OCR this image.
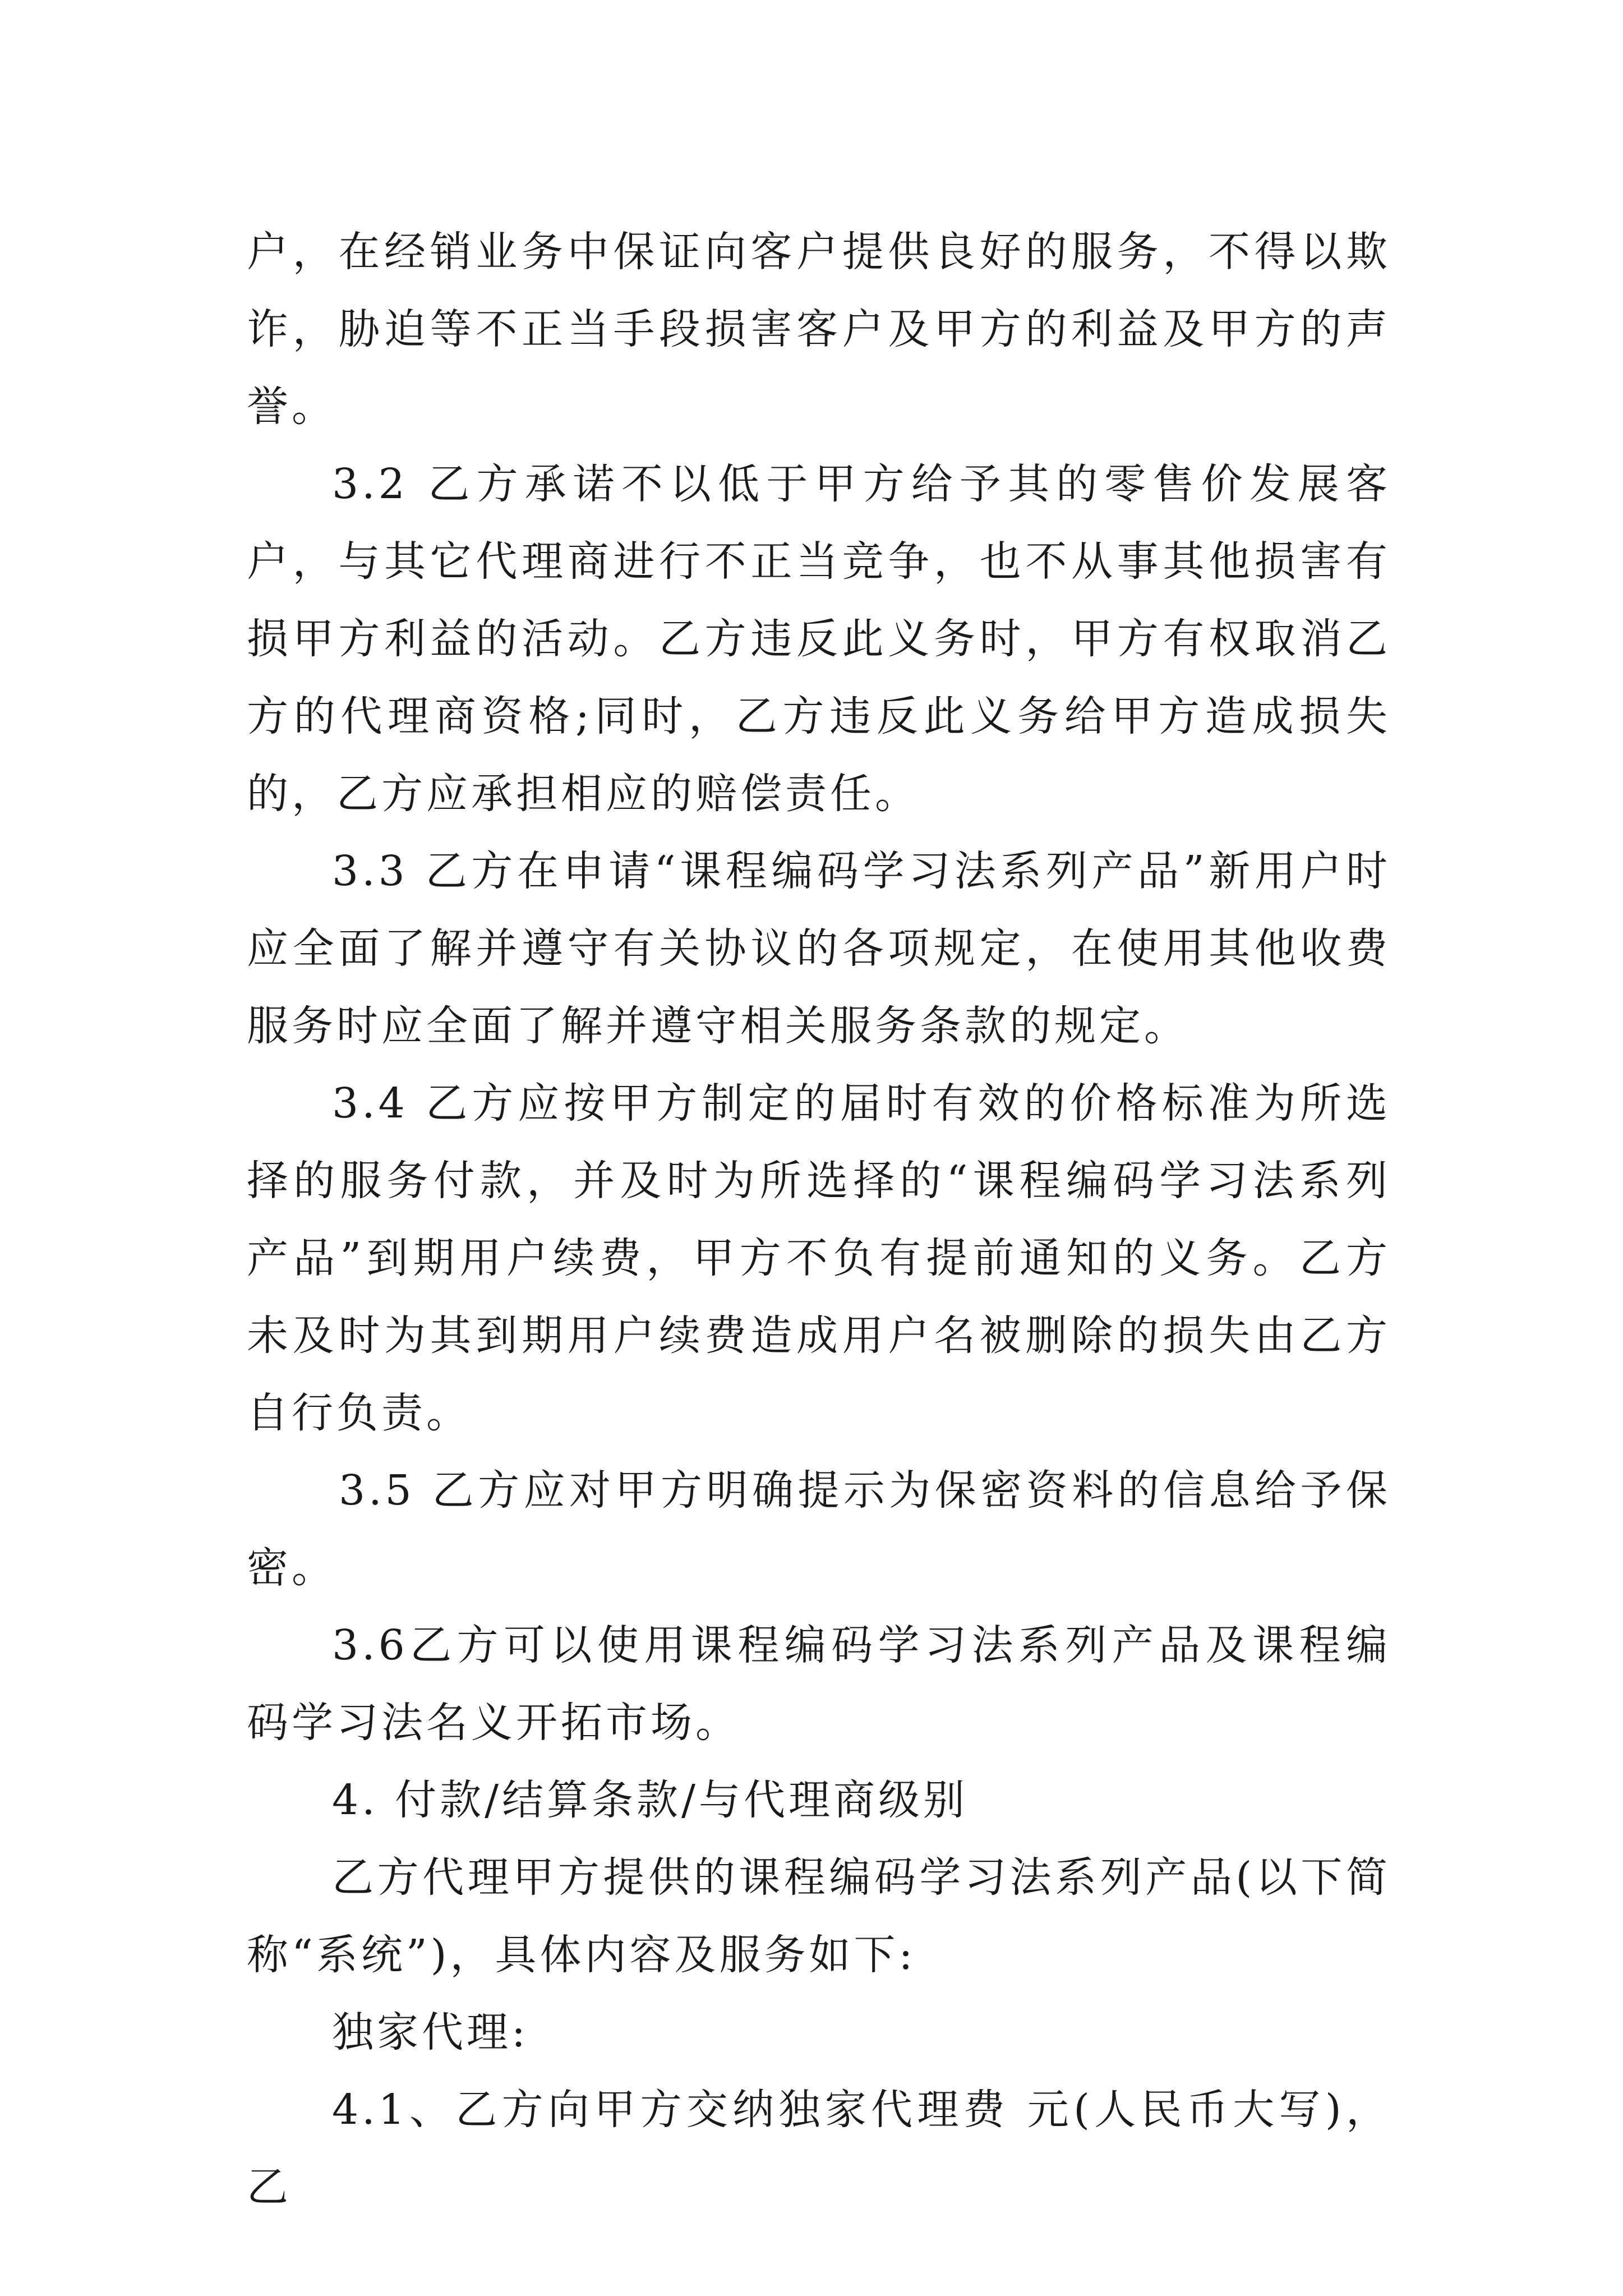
户，在经销业务中保证向客户提供良好的服务，不得以欺诈，胁迫等不正当手段损害客户及甲方的利益及甲方的声誉。

3.2 乙方承诺不以低于甲方给予其的零售价发展客户，与其它代理商进行不正当竞争，也不从事其他损害有损甲方利益的活动。乙方违反此义务时，甲方有权取消乙方的代理商资格;同时，乙方违反此义务给甲方造成损失的，乙方应承担相应的赔偿责任。

3.3 乙方在申请“课程编码学习法系列产品”新用户时应全面了解并遵守有关协议的各项规定，在使用其他收费服务时应全面了解并遵守相关服务条款的规定。

3.4 乙方应按甲方制定的届时有效的价格标准为所选择的服务付款，并及时为所选择的“课程编码学习法系列产品”到期用户续费，甲方不负有提前通知的义务。乙方未及时为其到期用户续费造成用户名被删除的损失由乙方自行负责。

3.5 乙方应对甲方明确提示为保密资料的信息给予保密。

3.6乙方可以使用课程编码学习法系列产品及课程编码学习法名义开拓市场。

4. 付款/结算条款/与代理商级别

乙方代理甲方提供的课程编码学习法系列产品(以下简称“系统”)，具体内容及服务如下:

独家代理:

4.1、乙方向甲方交纳独家代理费 元(人民币大写)，乙
